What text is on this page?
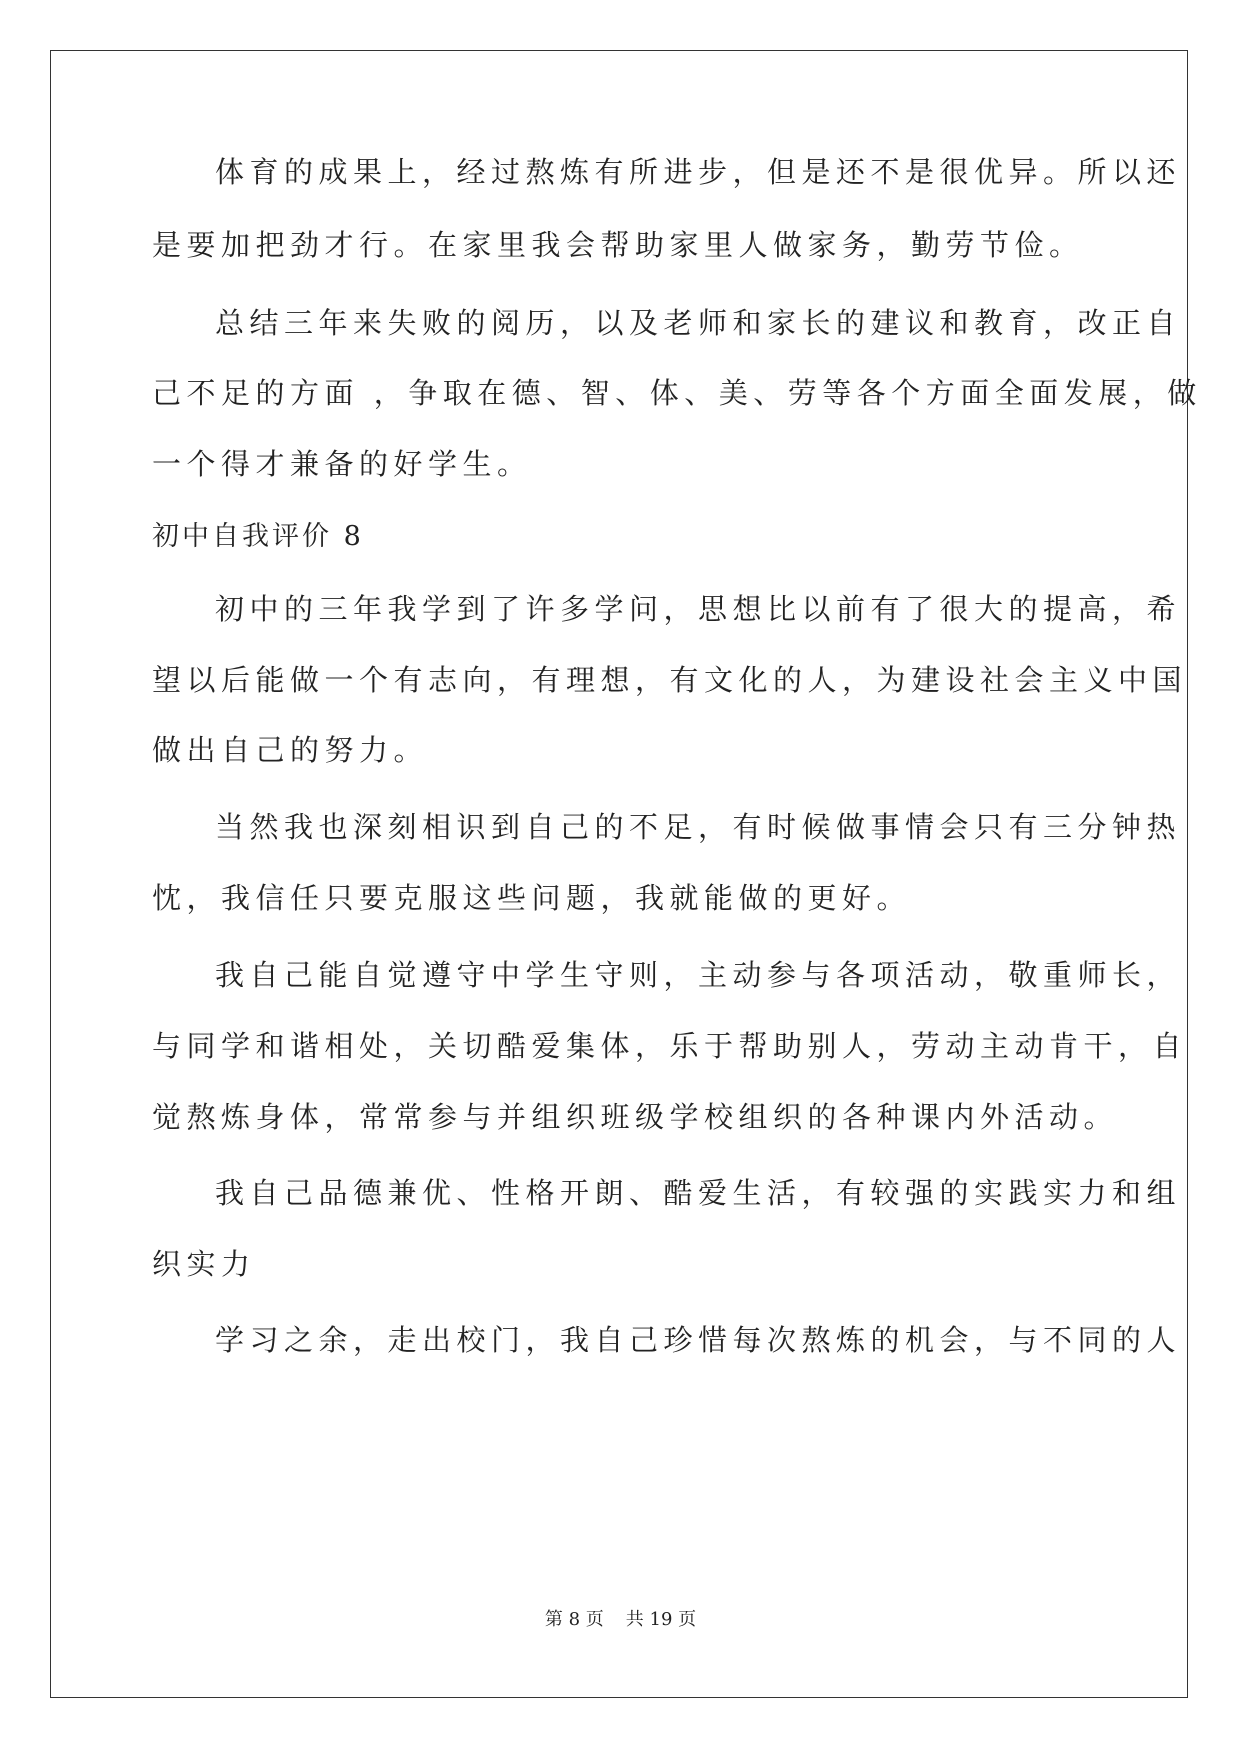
体育的成果上，经过熬炼有所进步，但是还不是很优异。所以还
是要加把劲才行。在家里我会帮助家里人做家务，勤劳节俭。
总结三年来失败的阅历，以及老师和家长的建议和教育，改正自
己不足的方面 ，争取在德、智、体、美、劳等各个方面全面发展，做
一个得才兼备的好学生。
初中自我评价 8
初中的三年我学到了许多学问，思想比以前有了很大的提高，希
望以后能做一个有志向，有理想，有文化的人，为建设社会主义中国
做出自己的努力。
当然我也深刻相识到自己的不足，有时候做事情会只有三分钟热
忱，我信任只要克服这些问题，我就能做的更好。
我自己能自觉遵守中学生守则，主动参与各项活动，敬重师长，
与同学和谐相处，关切酷爱集体，乐于帮助别人，劳动主动肯干，自
觉熬炼身体，常常参与并组织班级学校组织的各种课内外活动。
我自己品德兼优、性格开朗、酷爱生活，有较强的实践实力和组
织实力
学习之余，走出校门，我自己珍惜每次熬炼的机会，与不同的人
第 8 页 共 19 页
